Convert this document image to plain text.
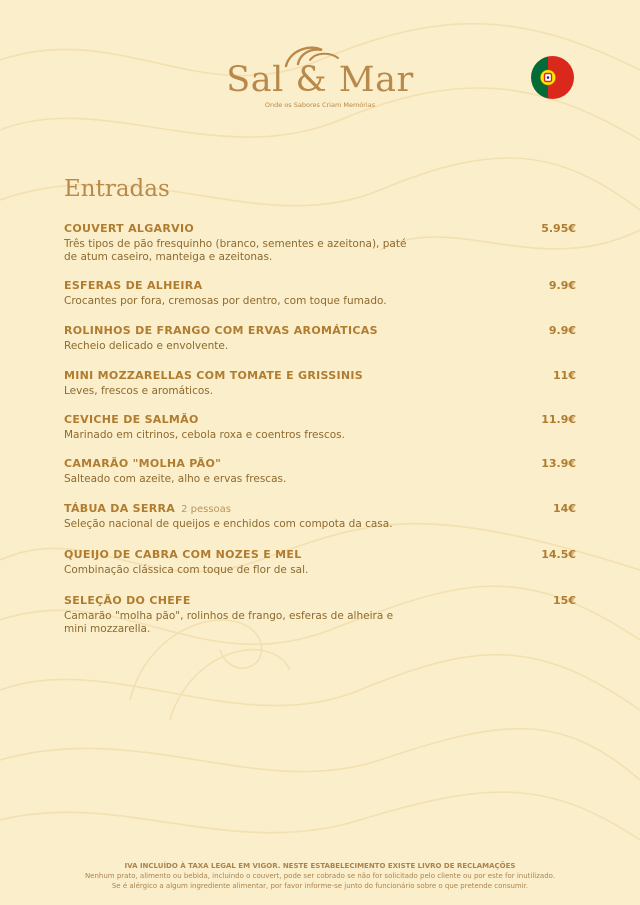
Sal & Mar
Onde os Sabores Criam Memórias
Entradas
COUVERT ALGARVIO
Três tipos de pão fresquinho (branco, sementes e azeitona), paté de atum caseiro, manteiga e azeitonas.
5.95€
ESFERAS DE ALHEIRA
Crocantes por fora, cremosas por dentro, com toque fumado.
9.9€
ROLINHOS DE FRANGO COM ERVAS AROMÁTICAS
Recheio delicado e envolvente.
9.9€
MINI MOZZARELLAS COM TOMATE E GRISSINIS
Leves, frescos e aromáticos.
11€
CEVICHE DE SALMÃO
Marinado em citrinos, cebola roxa e coentros frescos.
11.9€
CAMARÃO "MOLHA PÃO"
Salteado com azeite, alho e ervas frescas.
13.9€
TÁBUA DA SERRA 2 pessoas
Seleção nacional de queijos e enchidos com compota da casa.
14€
QUEIJO DE CABRA COM NOZES E MEL
Combinação clássica com toque de flor de sal.
14.5€
SELEÇÃO DO CHEFE
Camarão "molha pão", rolinhos de frango, esferas de alheira e mini mozzarella.
15€
IVA INCLUÍDO À TAXA LEGAL EM VIGOR. NESTE ESTABELECIMENTO EXISTE LIVRO DE RECLAMAÇÕES
Nenhum prato, alimento ou bebida, incluindo o couvert, pode ser cobrado se não for solicitado pelo cliente ou por este for inutilizado.
Se é alérgico a algum ingrediente alimentar, por favor informe-se junto do funcionário sobre o que pretende consumir.
